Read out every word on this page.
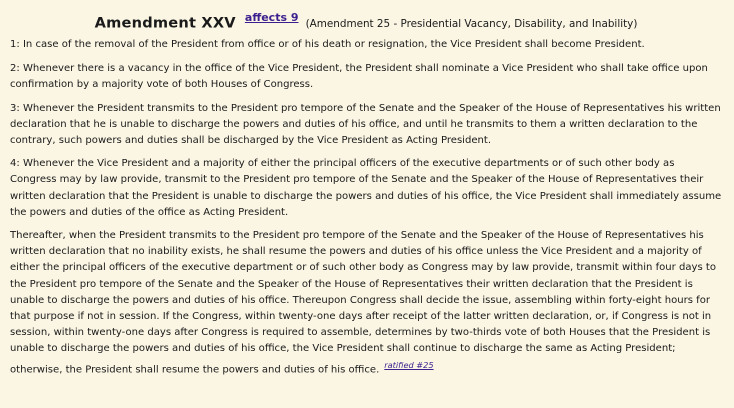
Amendment XXV $^{affects 9}$ (Amendment 25 - Presidential Vacancy, Disability, and Inability)

1: In case of the removal of the President from office or of his death or resignation, the Vice President shall become President.

2: Whenever there is a vacancy in the office of the Vice President, the President shall nominate a Vice President who shall take office upon confirmation by a majority vote of both Houses of Congress.

3: Whenever the President transmits to the President pro tempore of the Senate and the Speaker of the House of Representatives his written declaration that he is unable to discharge the powers and duties of his office, and until he transmits to them a written declaration to the contrary, such powers and duties shall be discharged by the Vice President as Acting President.

4: Whenever the Vice President and a majority of either the principal officers of the executive departments or of such other body as Congress may by law provide, transmit to the President pro tempore of the Senate and the Speaker of the House of Representatives their written declaration that the President is unable to discharge the powers and duties of his office, the Vice President shall immediately assume the powers and duties of the office as Acting President.

Thereafter, when the President transmits to the President pro tempore of the Senate and the Speaker of the House of Representatives his written declaration that no inability exists, he shall resume the powers and duties of his office unless the Vice President and a majority of either the principal officers of the executive department or of such other body as Congress may by law provide, transmit within four days to the President pro tempore of the Senate and the Speaker of the House of Representatives their written declaration that the President is unable to discharge the powers and duties of his office. Thereupon Congress shall decide the issue, assembling within forty-eight hours for that purpose if not in session. If the Congress, within twenty-one days after receipt of the latter written declaration, or, if Congress is not in session, within twenty-one days after Congress is required to assemble, determines by two-thirds vote of both Houses that the President is unable to discharge the powers and duties of his office, the Vice President shall continue to discharge the same as Acting President; otherwise, the President shall resume the powers and duties of his office. $^{ratified \#25}$
